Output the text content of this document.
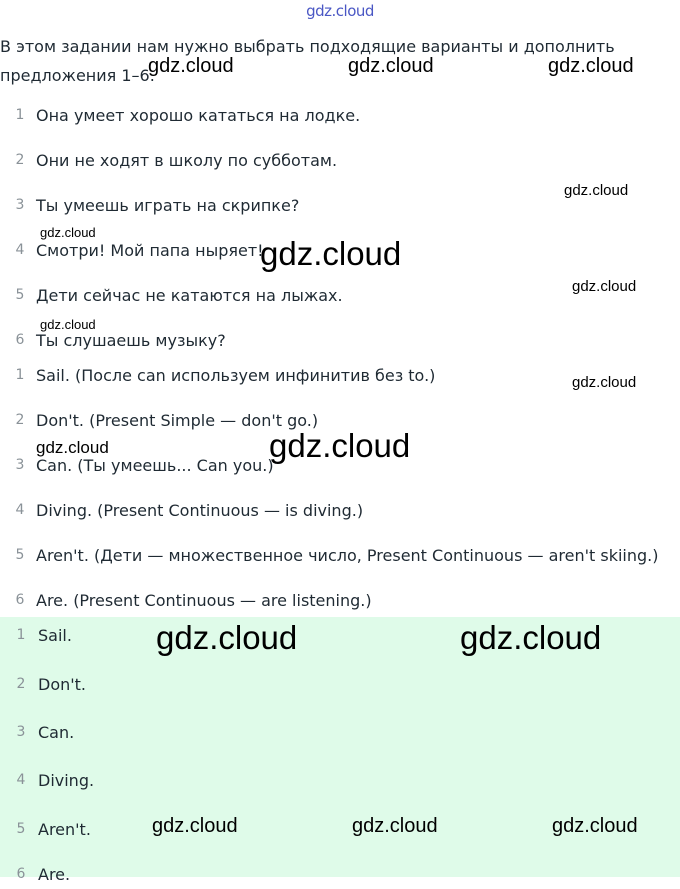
gdz.cloud
В этом задании нам нужно выбрать подходящие варианты и дополнить предложения 1–6.
1 Она умеет хорошо кататься на лодке.
2 Они не ходят в школу по субботам.
3 Ты умеешь играть на скрипке?
4 Смотри! Мой папа ныряет!
5 Дети сейчас не катаются на лыжах.
6 Ты слушаешь музыку?
1 Sail. (После can используем инфинитив без to.)
2 Don't. (Present Simple — don't go.)
3 Can. (Ты умеешь... Can you.)
4 Diving. (Present Continuous — is diving.)
5 Aren't. (Дети — множественное число, Present Continuous — aren't skiing.)
6 Are. (Present Continuous — are listening.)
1 Sail.
2 Don't.
3 Can.
4 Diving.
5 Aren't.
6 Are.
gdz.cloud	gdz.cloud	gdz.cloud
gdz.cloud
gdz.cloud
gdz.cloud
gdz.cloud
gdz.cloud
gdz.cloud
gdz.cloud	gdz.cloud
gdz.cloud	gdz.cloud
gdz.cloud	gdz.cloud	gdz.cloud
